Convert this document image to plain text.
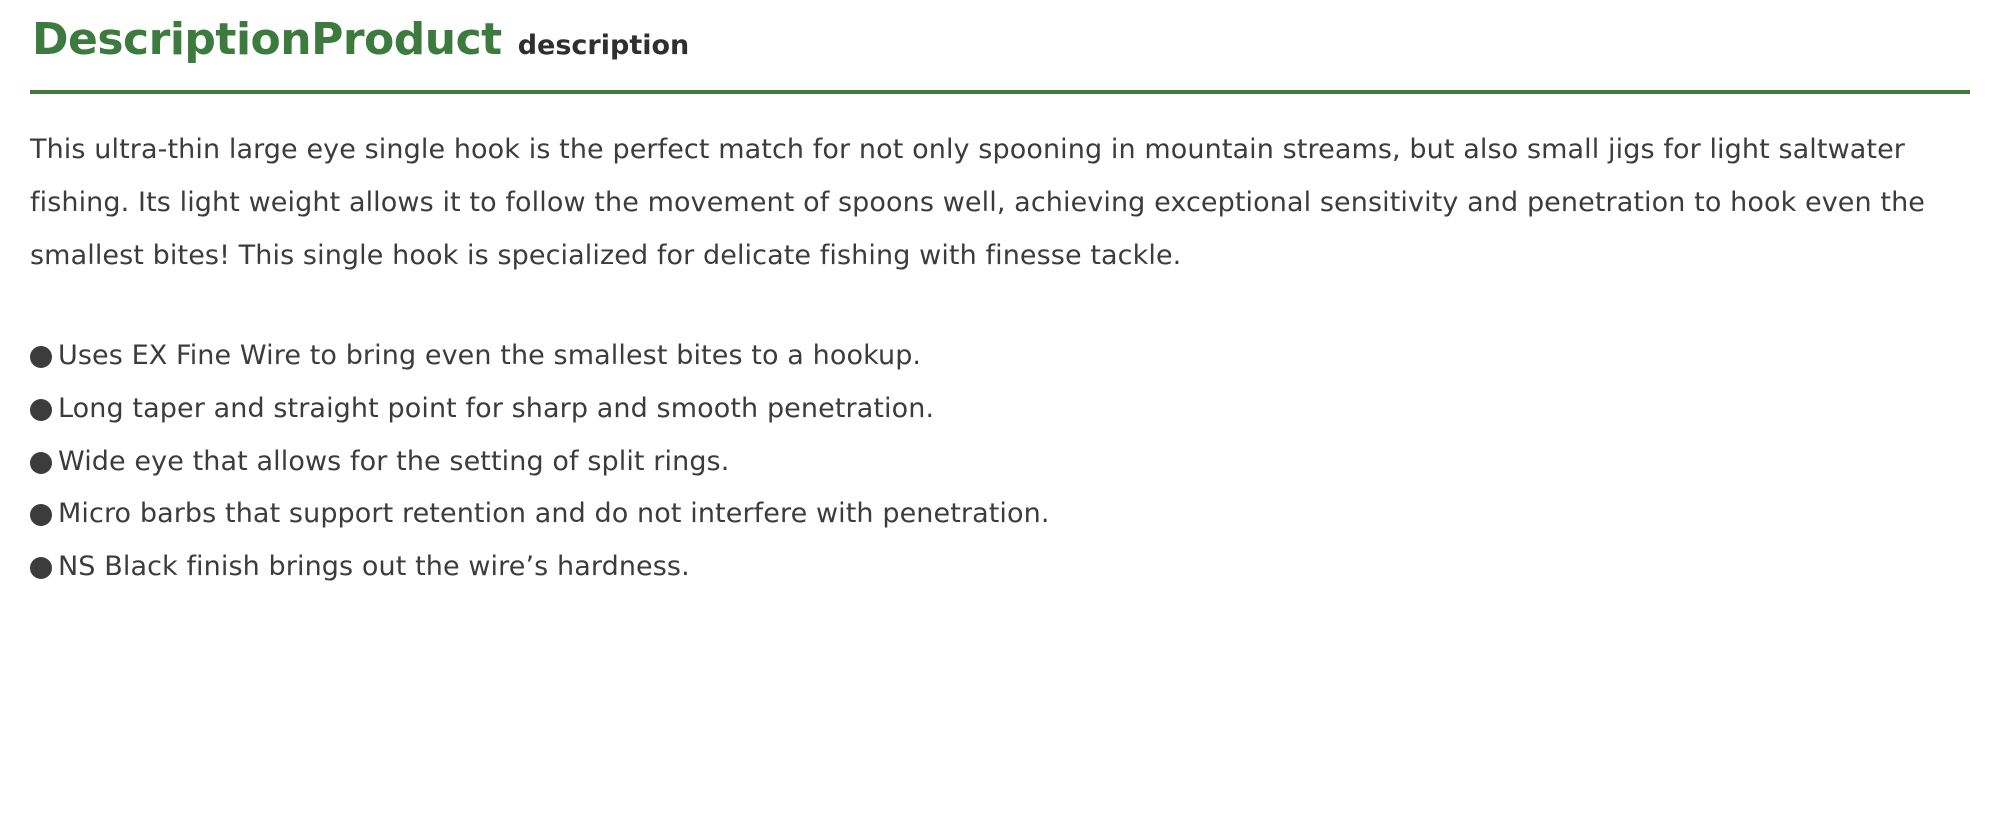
DescriptionProduct description

This ultra-thin large eye single hook is the perfect match for not only spooning in mountain streams, but also small jigs for light saltwater fishing. Its light weight allows it to follow the movement of spoons well, achieving exceptional sensitivity and penetration to hook even the smallest bites! This single hook is specialized for delicate fishing with finesse tackle.

Uses EX Fine Wire to bring even the smallest bites to a hookup.
Long taper and straight point for sharp and smooth penetration.
Wide eye that allows for the setting of split rings.
Micro barbs that support retention and do not interfere with penetration.
NS Black finish brings out the wire’s hardness.
